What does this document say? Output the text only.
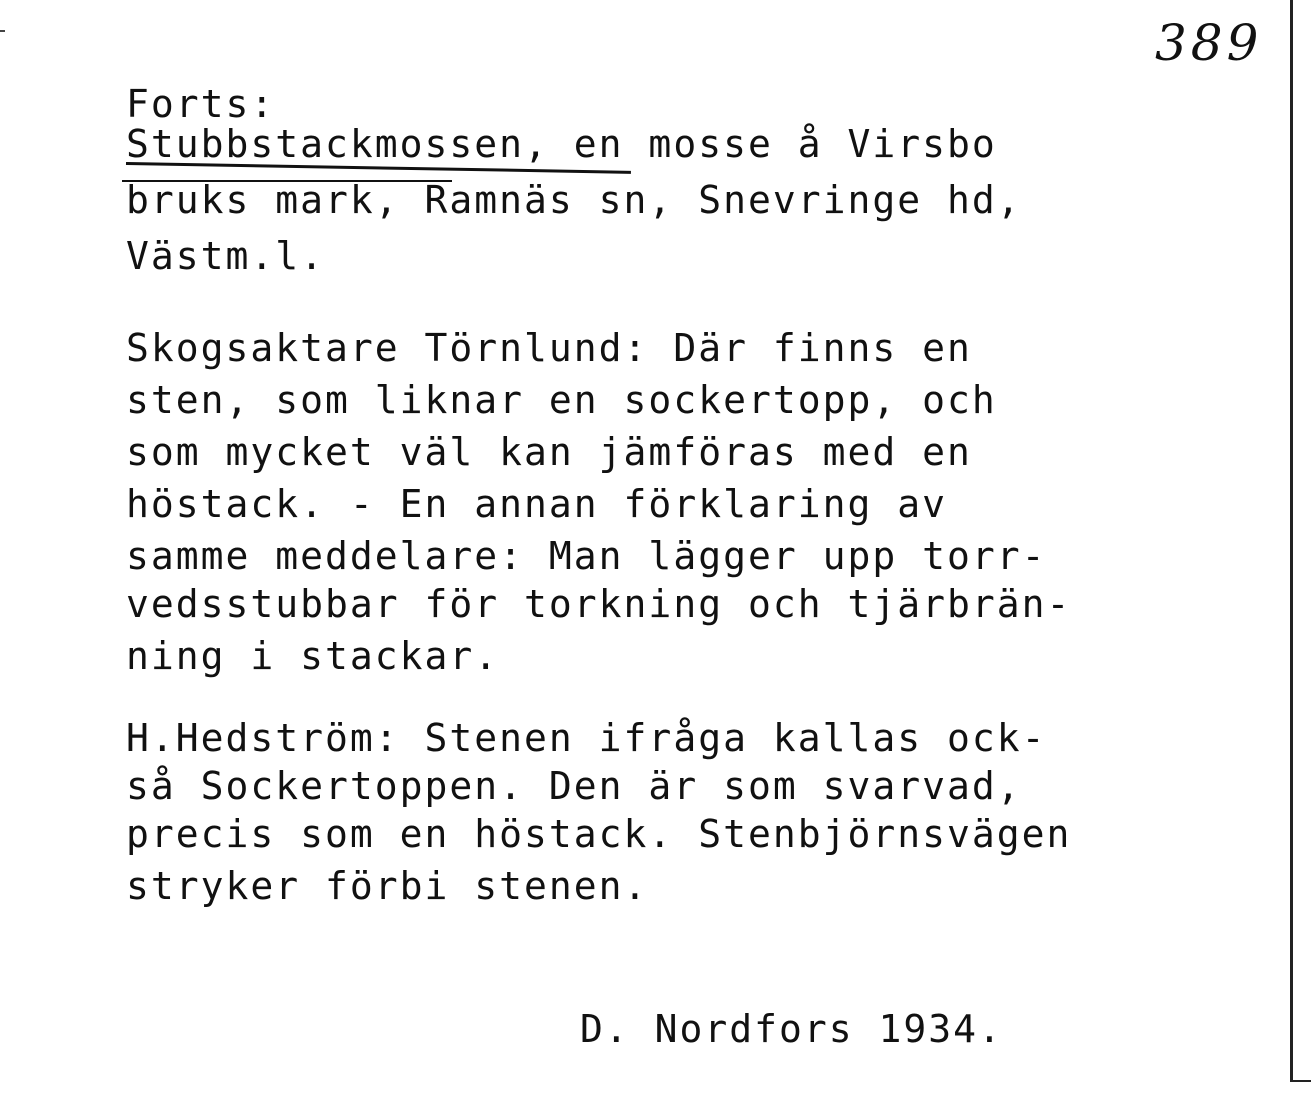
389

Forts:

Stubbstackmossen, en mosse å Virsbo

bruks mark, Ramnäs sn, Snevringe hd,

Västm.l.

Skogsaktare Törnlund: Där finns en

sten, som liknar en sockertopp, och

som mycket väl kan jämföras med en

höstack. - En annan förklaring av

samme meddelare: Man lägger upp torr-

vedsstubbar för torkning och tjärbrän-

ning i stackar.

H.Hedström: Stenen ifråga kallas ock-

så Sockertoppen. Den är som svarvad,

precis som en höstack. Stenbjörnsvägen

stryker förbi stenen.

D. Nordfors 1934.
